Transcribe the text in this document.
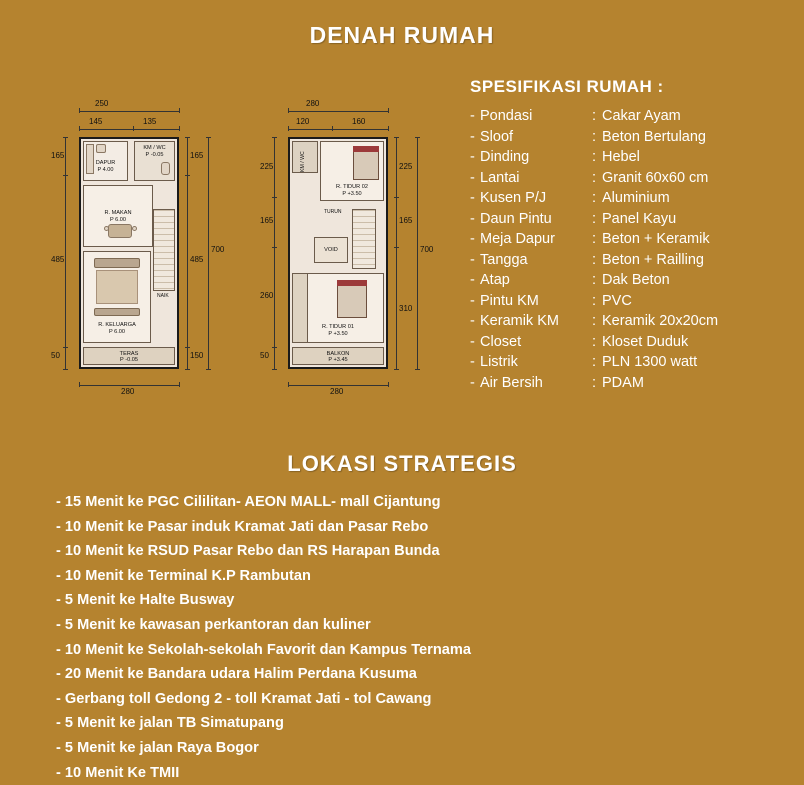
DENAH RUMAH
250
145	135
165
485
50
165
485
150
700
280
DAPUR
P 4.00
KM / WC
P -0.05
R. MAKAN
P 6.00
NAIK
R. KELUARGA
P 6.00
TERAS
P -0.05
280
120	160
225
165
260
50
225
165
310
700
280
KM / WC
R. TIDUR 02
P +3.50
TURUN
VOID
R. TIDUR 01
P +3.50
BALKON
P +3.45
SPESIFIKASI RUMAH :
- Pondasi	: Cakar Ayam
- Sloof	: Beton Bertulang
- Dinding	: Hebel
- Lantai	: Granit 60x60 cm
- Kusen P/J	: Aluminium
- Daun Pintu	: Panel Kayu
- Meja Dapur	: Beton + Keramik
- Tangga	: Beton + Railling
- Atap	: Dak Beton
- Pintu KM	: PVC
- Keramik KM	: Keramik 20x20cm
- Closet	: Kloset Duduk
- Listrik	: PLN 1300 watt
- Air Bersih	: PDAM
LOKASI STRATEGIS
- 15 Menit ke PGC Cililitan- AEON MALL- mall Cijantung
- 10 Menit ke Pasar induk Kramat Jati dan Pasar Rebo
- 10 Menit ke RSUD Pasar Rebo dan RS Harapan Bunda
- 10 Menit ke Terminal K.P Rambutan
- 5 Menit ke Halte Busway
- 5 Menit ke kawasan perkantoran dan kuliner
- 10 Menit ke Sekolah-sekolah Favorit dan Kampus Ternama
- 20 Menit ke Bandara udara Halim Perdana Kusuma
- Gerbang toll Gedong 2 - toll Kramat Jati - tol Cawang
- 5 Menit ke jalan TB Simatupang
- 5 Menit ke jalan Raya Bogor
- 10 Menit Ke TMII
